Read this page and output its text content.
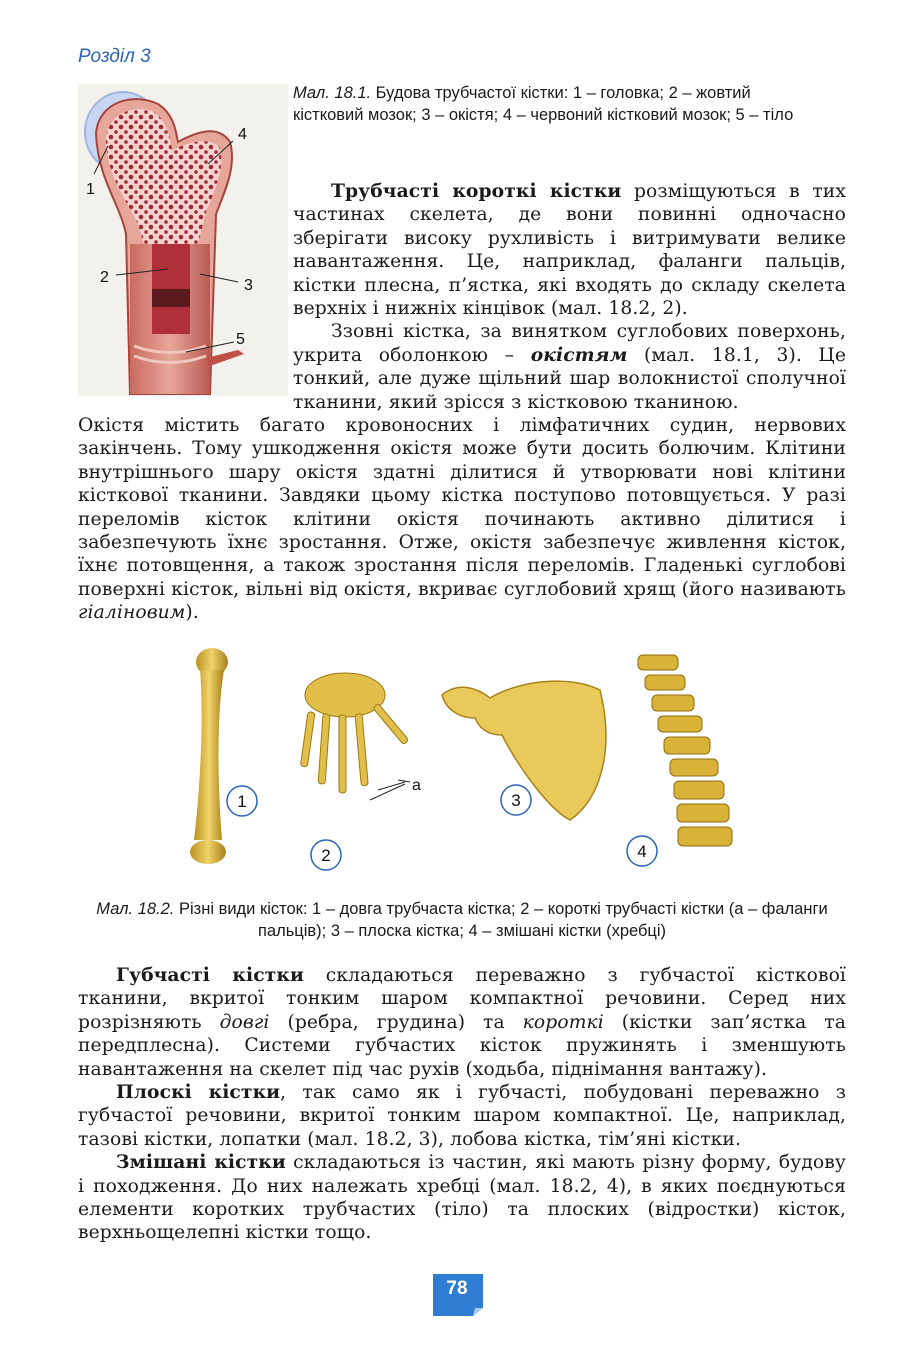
Розділ 3
1
2	3
4
5
Мал. 18.1. Будова трубчастої кістки: 1 – головка; 2 – жовтий кістковий мозок; 3 – окістя; 4 – червоний кістковий мозок; 5 – тіло

Трубчасті короткі кістки розміщуються в тих частинах скелета, де вони повинні одночасно зберігати високу рухливість і витримувати велике навантаження. Це, наприклад, фаланги пальців, кістки плесна, п’ястка, які входять до складу скелета верхніх і нижніх кінцівок (мал. 18.2, 2).

Ззовні кістка, за винятком суглобових поверхонь, укрита оболонкою – окістям (мал. 18.1, 3). Це тонкий, але дуже щільний шар волокнистої сполучної тканини, який зрісся з кістковою тканиною.

Окістя містить багато кровоносних і лімфатичних судин, нервових закінчень. Тому ушкодження окістя може бути досить болючим. Клітини внутрішнього шару окістя здатні ділитися й утворювати нові клітини кісткової тканини. Завдяки цьому кістка поступово потовщується. У разі переломів кісток клітини окістя починають активно ділитися і забезпечують їхнє зростання. Отже, окістя забезпечує живлення кісток, їхнє потовщення, а також зростання після переломів. Гладенькі суглобові поверхні кісток, вільні від окістя, вкриває суглобовий хрящ (його називають гіаліновим).

а
1
2
3
4
Мал. 18.2. Різні види кісток: 1 – довга трубчаста кістка; 2 – короткі трубчасті кістки (а – фаланги пальців); 3 – плоска кістка; 4 – змішані кістки (хребці)

Губчасті кістки складаються переважно з губчастої кісткової тканини, вкритої тонким шаром компактної речовини. Серед них розрізняють довгі (ребра, грудина) та короткі (кістки зап’ястка та передплесна). Системи губчастих кісток пружинять і зменшують навантаження на скелет під час рухів (ходьба, піднімання вантажу).

Плоскі кістки, так само як і губчасті, побудовані переважно з губчастої речовини, вкритої тонким шаром компактної. Це, наприклад, тазові кістки, лопатки (мал. 18.2, 3), лобова кістка, тім’яні кістки.

Змішані кістки складаються із частин, які мають різну форму, будову і походження. До них належать хребці (мал. 18.2, 4), в яких поєднуються елементи коротких трубчастих (тіло) та плоских (відростки) кісток, верхньощелепні кістки тощо.

78
